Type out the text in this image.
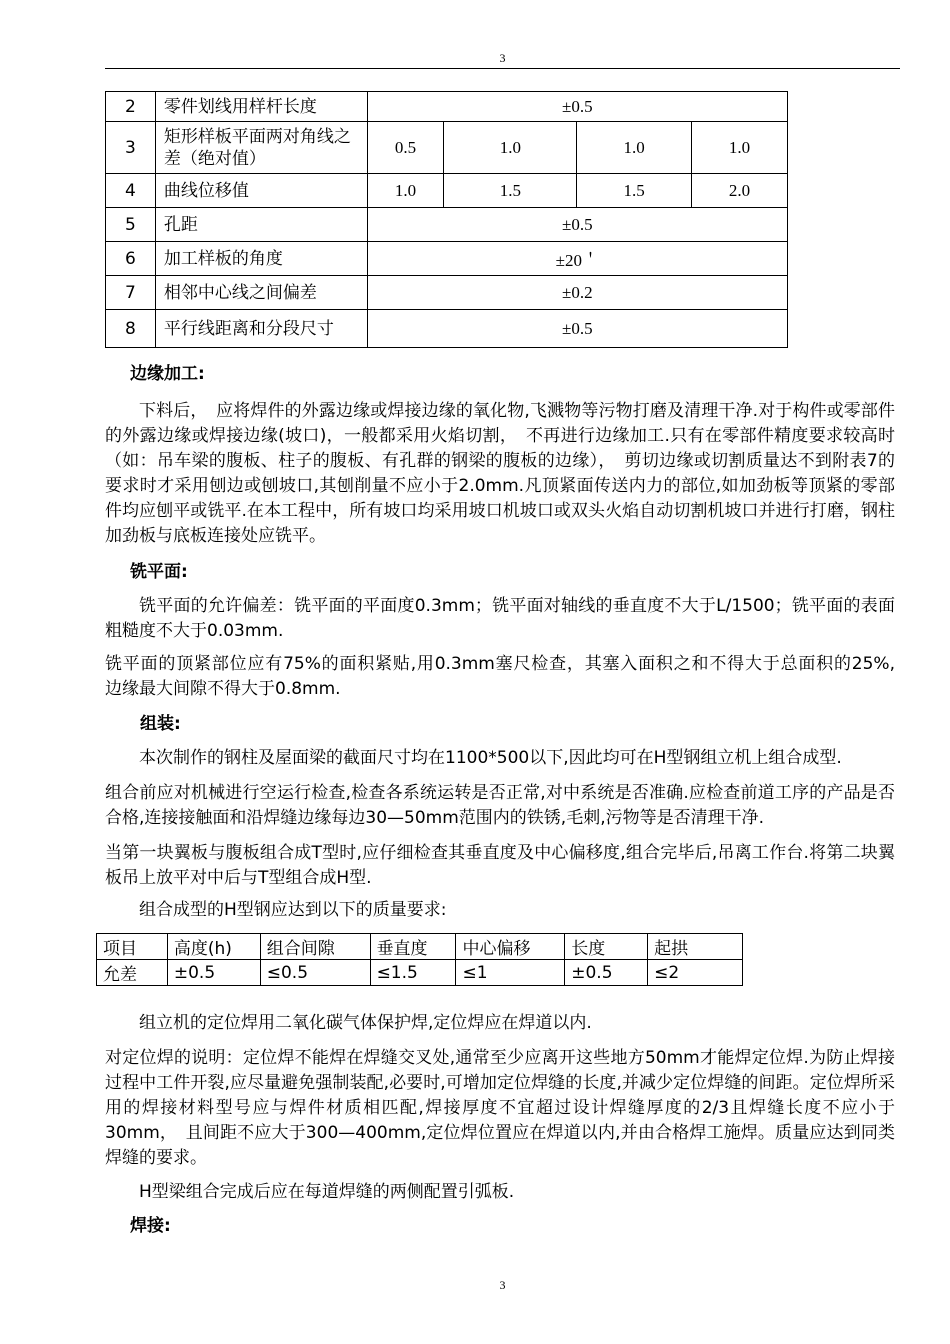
3
2	零件划线用样杆长度	±0.5			
3	矩形样板平面两对角线之差（绝对值）	0.5	1.0	1.0	1.0
4	曲线位移值	1.0	1.5	1.5	2.0
5	孔距	±0.5			
6	加工样板的角度	±20＇			
7	相邻中心线之间偏差	±0.2			
8	平行线距离和分段尺寸	±0.5			
边缘加工:
下料后，　应将焊件的外露边缘或焊接边缘的氧化物,飞溅物等污物打磨及清理干净.对于构件或零部件的外露边缘或焊接边缘(坡口)，一般都采用火焰切割，　不再进行边缘加工.只有在零部件精度要求较高时（如：吊车梁的腹板、柱子的腹板、有孔群的钢梁的腹板的边缘），　剪切边缘或切割质量达不到附表7的要求时才采用刨边或刨坡口,其刨削量不应小于2.0mm.凡顶紧面传送内力的部位,如加劲板等顶紧的零部件均应刨平或铣平.在本工程中，所有坡口均采用坡口机坡口或双头火焰自动切割机坡口并进行打磨，钢柱加劲板与底板连接处应铣平。
铣平面:
铣平面的允许偏差：铣平面的平面度0.3mm；铣平面对轴线的垂直度不大于L/1500；铣平面的表面粗糙度不大于0.03mm.
铣平面的顶紧部位应有75%的面积紧贴,用0.3mm塞尺检查，其塞入面积之和不得大于总面积的25%,　　边缘最大间隙不得大于0.8mm.
组装:
本次制作的钢柱及屋面梁的截面尺寸均在1100*500以下,因此均可在H型钢组立机上组合成型.
组合前应对机械进行空运行检查,检查各系统运转是否正常,对中系统是否准确.应检查前道工序的产品是否合格,连接接触面和沿焊缝边缘每边30—50mm范围内的铁锈,毛刺,污物等是否清理干净.
当第一块翼板与腹板组合成T型时,应仔细检查其垂直度及中心偏移度,组合完毕后,吊离工作台.将第二块翼板吊上放平对中后与T型组合成H型.
组合成型的H型钢应达到以下的质量要求:
项目	高度(h)	组合间隙	垂直度	中心偏移	长度	起拱
允差	±0.5	≤0.5	≤1.5	≤1	±0.5	≤2
组立机的定位焊用二氧化碳气体保护焊,定位焊应在焊道以内.
对定位焊的说明：定位焊不能焊在焊缝交叉处,通常至少应离开这些地方50mm才能焊定位焊.为防止焊接过程中工件开裂,应尽量避免强制装配,必要时,可增加定位焊缝的长度,并减少定位焊缝的间距。定位焊所采用的焊接材料型号应与焊件材质相匹配,焊接厚度不宜超过设计焊缝厚度的2/3且焊缝长度不应小于30mm，　且间距不应大于300—400mm,定位焊位置应在焊道以内,并由合格焊工施焊。质量应达到同类焊缝的要求。
H型梁组合完成后应在每道焊缝的两侧配置引弧板.
焊接:
3
